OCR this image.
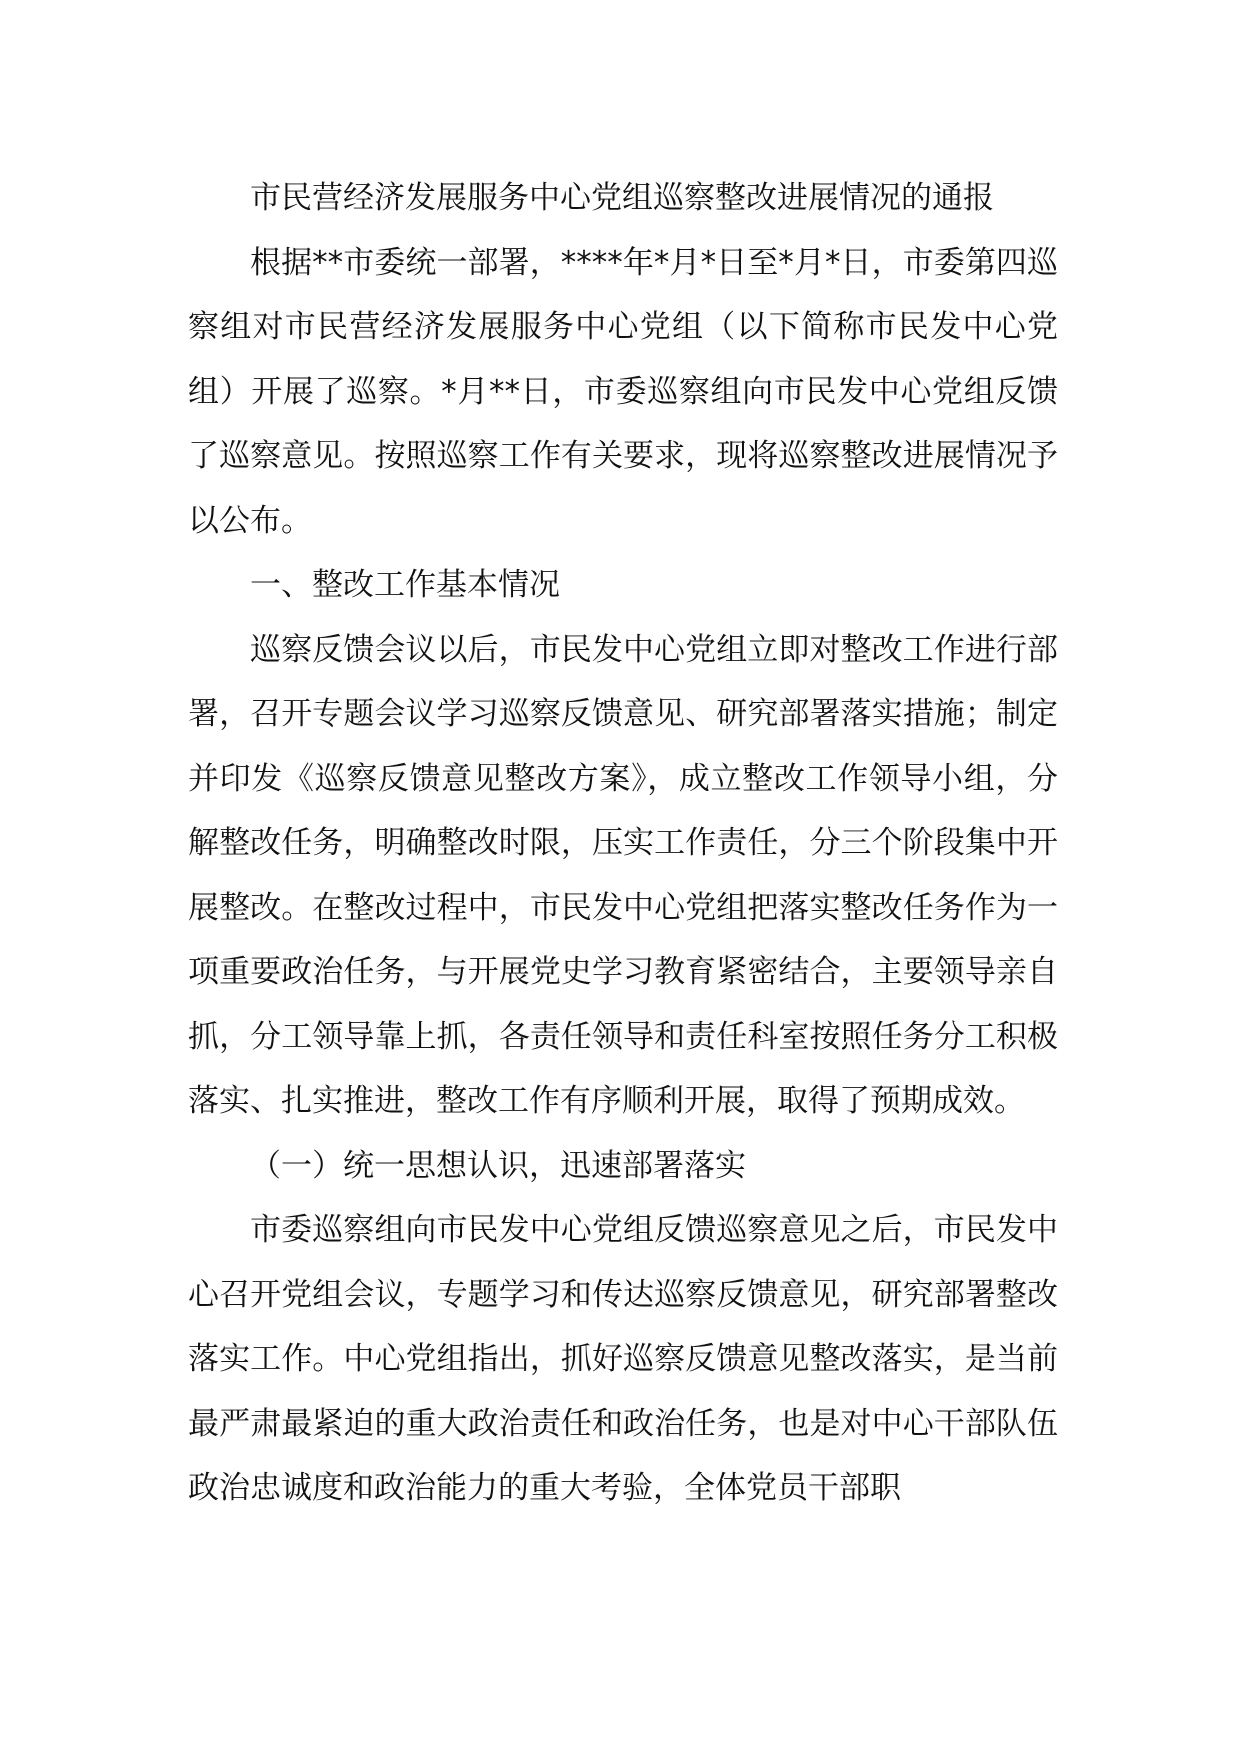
市民营经济发展服务中心党组巡察整改进展情况的通报

根据**市委统一部署，****年*月*日至*月*日，市委第四巡察组对市民营经济发展服务中心党组（以下简称市民发中心党组）开展了巡察。*月**日，市委巡察组向市民发中心党组反馈了巡察意见。按照巡察工作有关要求，现将巡察整改进展情况予以公布。

一、整改工作基本情况

巡察反馈会议以后，市民发中心党组立即对整改工作进行部署，召开专题会议学习巡察反馈意见、研究部署落实措施；制定并印发《巡察反馈意见整改方案》，成立整改工作领导小组，分解整改任务，明确整改时限，压实工作责任，分三个阶段集中开展整改。在整改过程中，市民发中心党组把落实整改任务作为一项重要政治任务，与开展党史学习教育紧密结合，主要领导亲自抓，分工领导靠上抓，各责任领导和责任科室按照任务分工积极落实、扎实推进，整改工作有序顺利开展，取得了预期成效。

（一）统一思想认识，迅速部署落实

市委巡察组向市民发中心党组反馈巡察意见之后，市民发中心召开党组会议，专题学习和传达巡察反馈意见，研究部署整改落实工作。中心党组指出，抓好巡察反馈意见整改落实，是当前最严肃最紧迫的重大政治责任和政治任务，也是对中心干部队伍政治忠诚度和政治能力的重大考验，全体党员干部职
